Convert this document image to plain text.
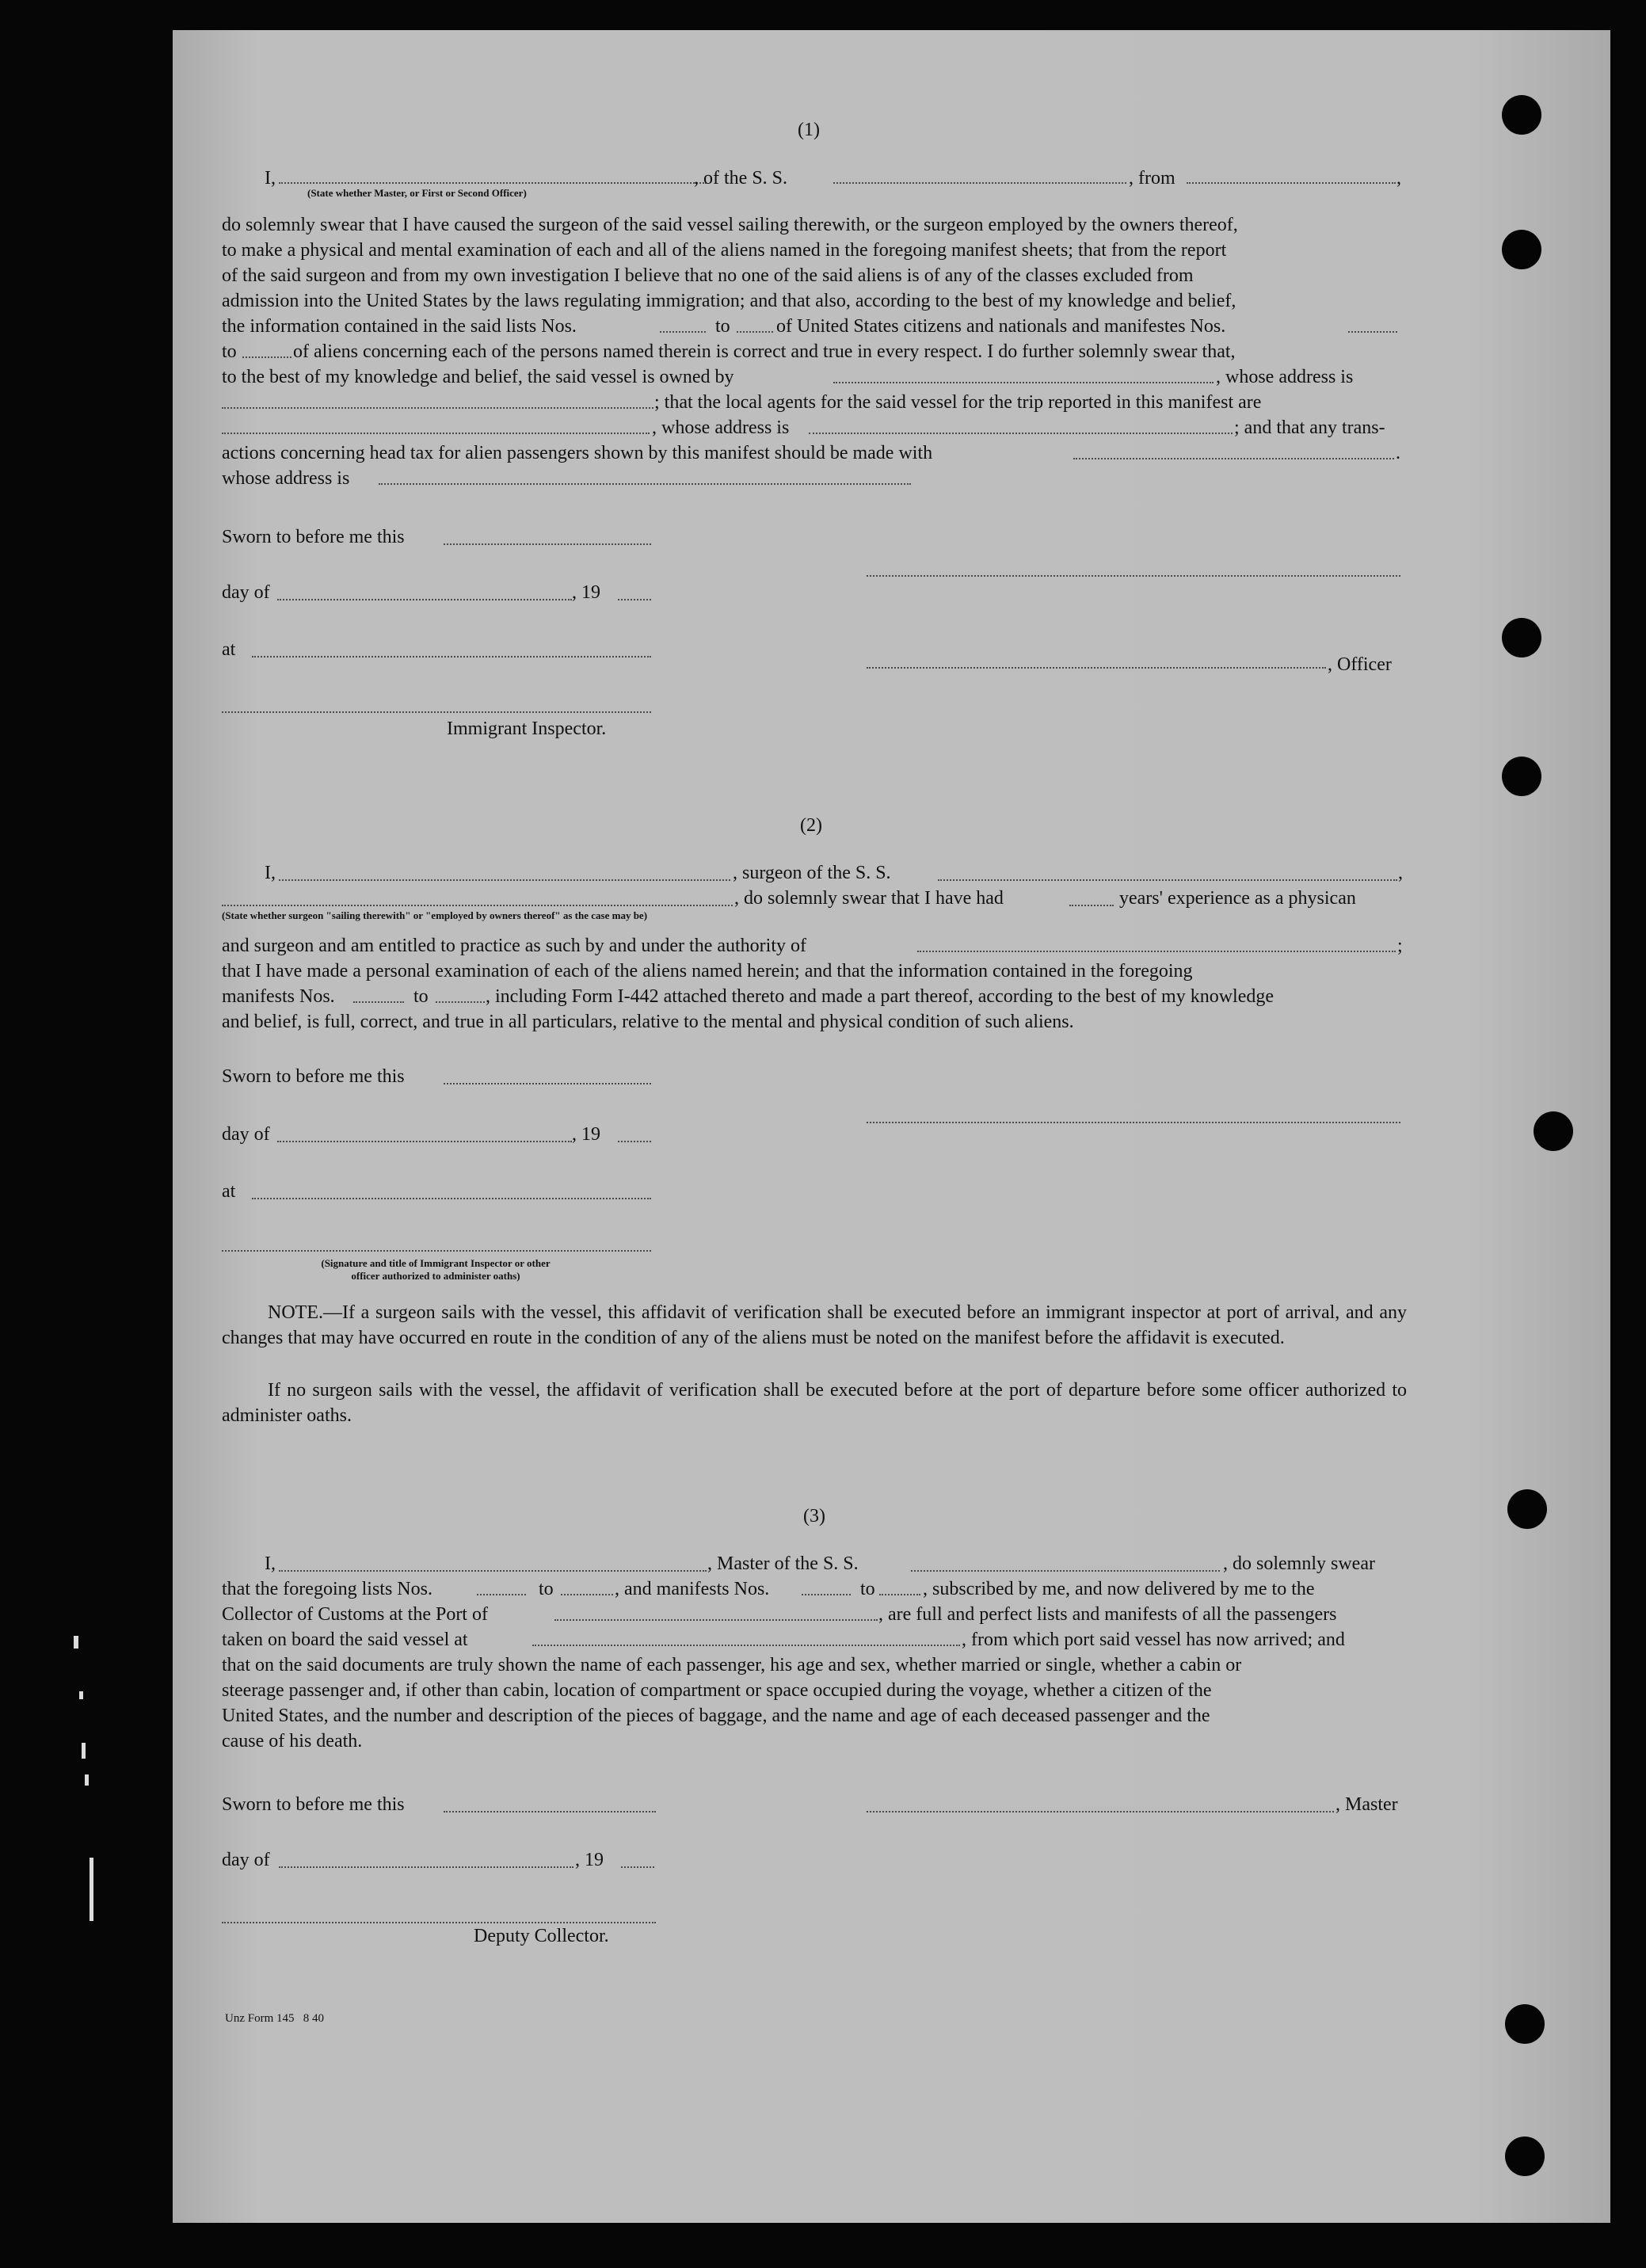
(1)
I,	, of the S. S.	, from	,
(State whether Master, or First or Second Officer)
do solemnly swear that I have caused the surgeon of the said vessel sailing therewith, or the surgeon employed by the owners thereof,
to make a physical and mental examination of each and all of the aliens named in the foregoing manifest sheets; that from the report
of the said surgeon and from my own investigation I believe that no one of the said aliens is of any of the classes excluded from
admission into the United States by the laws regulating immigration; and that also, according to the best of my knowledge and belief,
the information contained in the said lists Nos.	to of United States citizens and nationals and manifestes Nos.
to	of aliens concerning each of the persons named therein is correct and true in every respect. I do further solemnly swear that,
to the best of my knowledge and belief, the said vessel is owned by	, whose address is
; that the local agents for the said vessel for the trip reported in this manifest are
, whose address is	; and that any trans-
actions concerning head tax for alien passengers shown by this manifest should be made with	.
whose address is
Sworn to before me this
day of	, 19
at
, Officer
Immigrant Inspector.
(2)
I,	, surgeon of the S. S.	,
, do solemnly swear that I have had	years' experience as a physican
(State whether surgeon "sailing therewith" or "employed by owners thereof" as the case may be)
and surgeon and am entitled to practice as such by and under the authority of	;
that I have made a personal examination of each of the aliens named herein; and that the information contained in the foregoing
manifests Nos.	to	, including Form I-442 attached thereto and made a part thereof, according to the best of my knowledge
and belief, is full, correct, and true in all particulars, relative to the mental and physical condition of such aliens.
Sworn to before me this
day of	, 19
at
(Signature and title of Immigrant Inspector or other
officer authorized to administer oaths)
NOTE.—If a surgeon sails with the vessel, this affidavit of verification shall be executed before an immigrant inspector at port of arrival, and any changes that may have occurred en route in the condition of any of the aliens must be noted on the manifest before the affidavit is executed.
If no surgeon sails with the vessel, the affidavit of verification shall be executed before at the port of departure before some officer authorized to administer oaths.
(3)
I,	, Master of the S. S.	, do solemnly swear
that the foregoing lists Nos.	to	, and manifests Nos.	to	, subscribed by me, and now delivered by me to the
Collector of Customs at the Port of	, are full and perfect lists and manifests of all the passengers
taken on board the said vessel at	, from which port said vessel has now arrived; and
that on the said documents are truly shown the name of each passenger, his age and sex, whether married or single, whether a cabin or
steerage passenger and, if other than cabin, location of compartment or space occupied during the voyage, whether a citizen of the
United States, and the number and description of the pieces of baggage, and the name and age of each deceased passenger and the
cause of his death.
Sworn to before me this	, Master
day of	, 19
Deputy Collector.
Unz Form 145   8 40
